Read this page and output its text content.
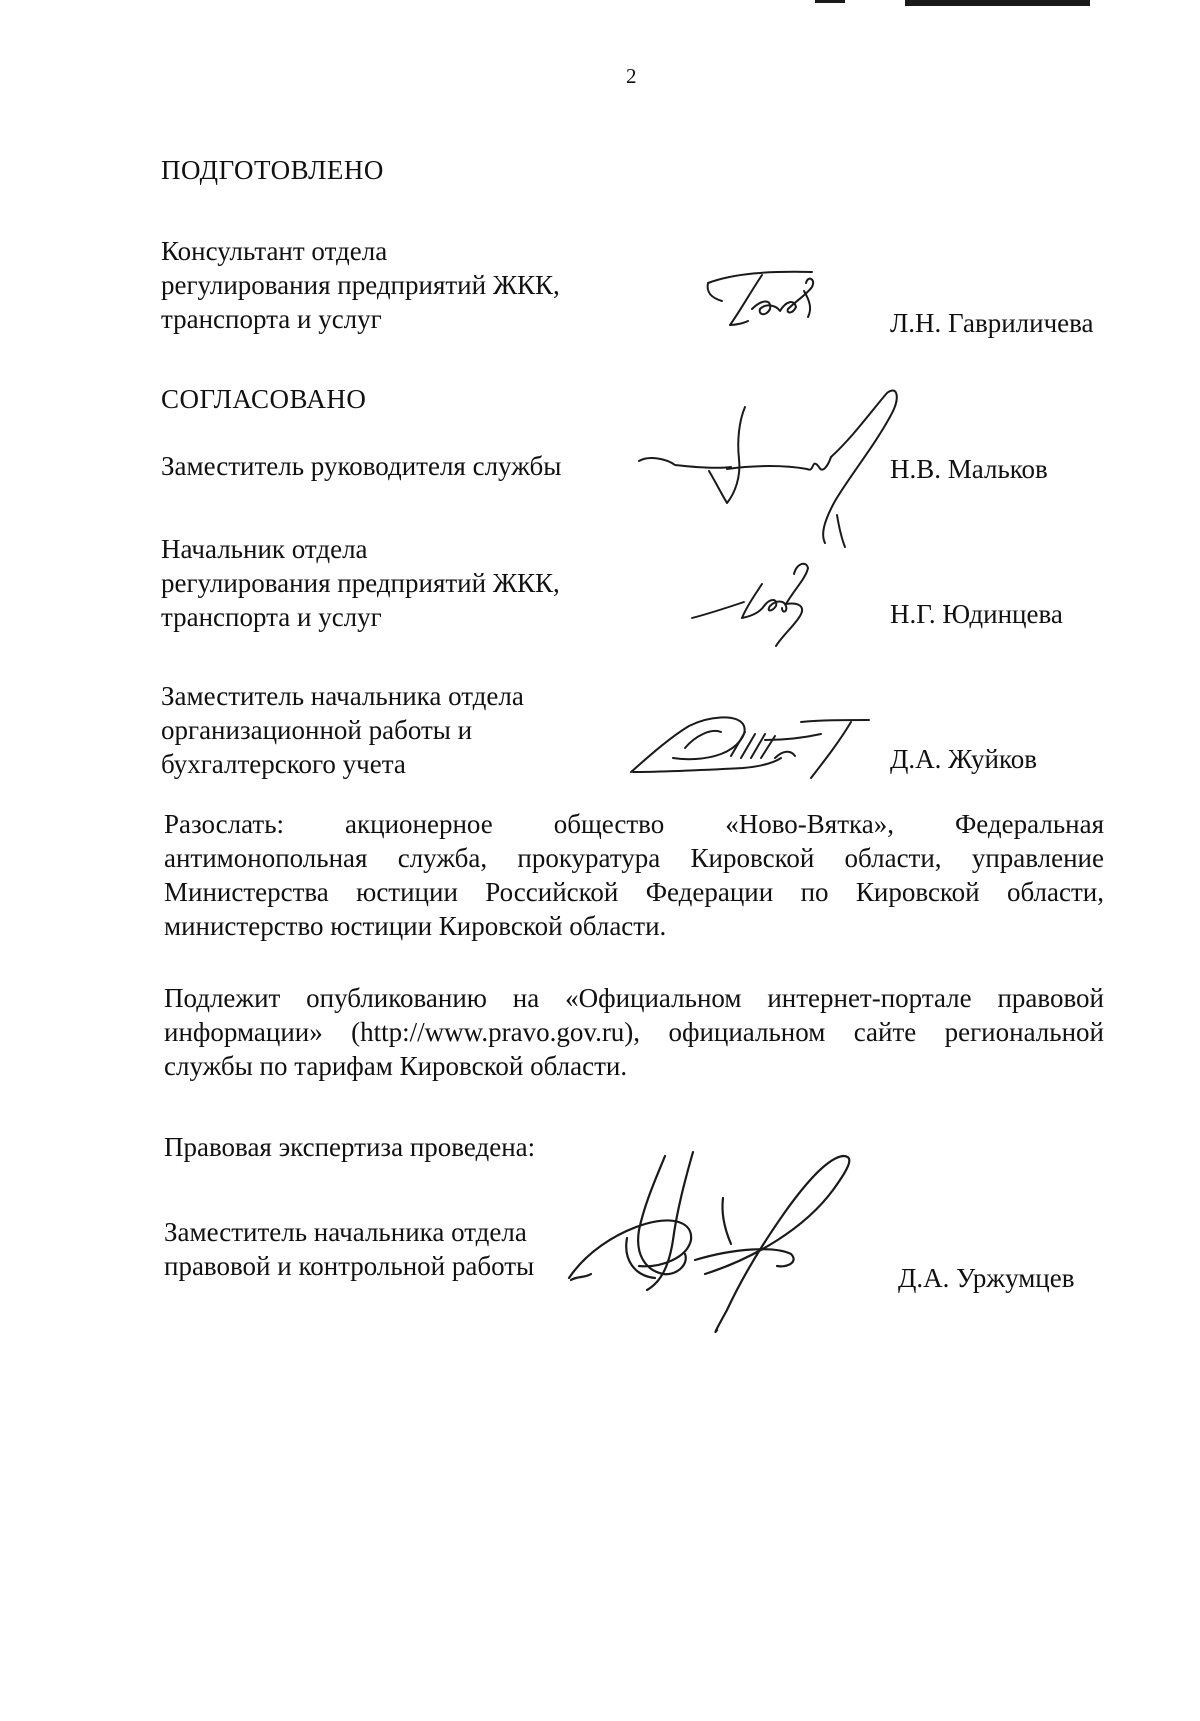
2
ПОДГОТОВЛЕНО
Консультант отдела
регулирования предприятий ЖКК,
транспорта и услуг	Л.Н. Гавриличева
СОГЛАСОВАНО
Заместитель руководителя службы	Н.В. Мальков
Начальник отдела
регулирования предприятий ЖКК,
транспорта и услуг	Н.Г. Юдинцева
Заместитель начальника отдела
организационной работы и
бухгалтерского учета	Д.А. Жуйков
Разослать: акционерное общество «Ново-Вятка», Федеральная
антимонопольная служба, прокуратура Кировской области, управление
Министерства юстиции Российской Федерации по Кировской области,
министерство юстиции Кировской области.
Подлежит опубликованию на «Официальном интернет-портале правовой
информации» (http://www.pravo.gov.ru), официальном сайте региональной
службы по тарифам Кировской области.
Правовая экспертиза проведена:
Заместитель начальника отдела
правовой и контрольной работы	Д.А. Уржумцев
